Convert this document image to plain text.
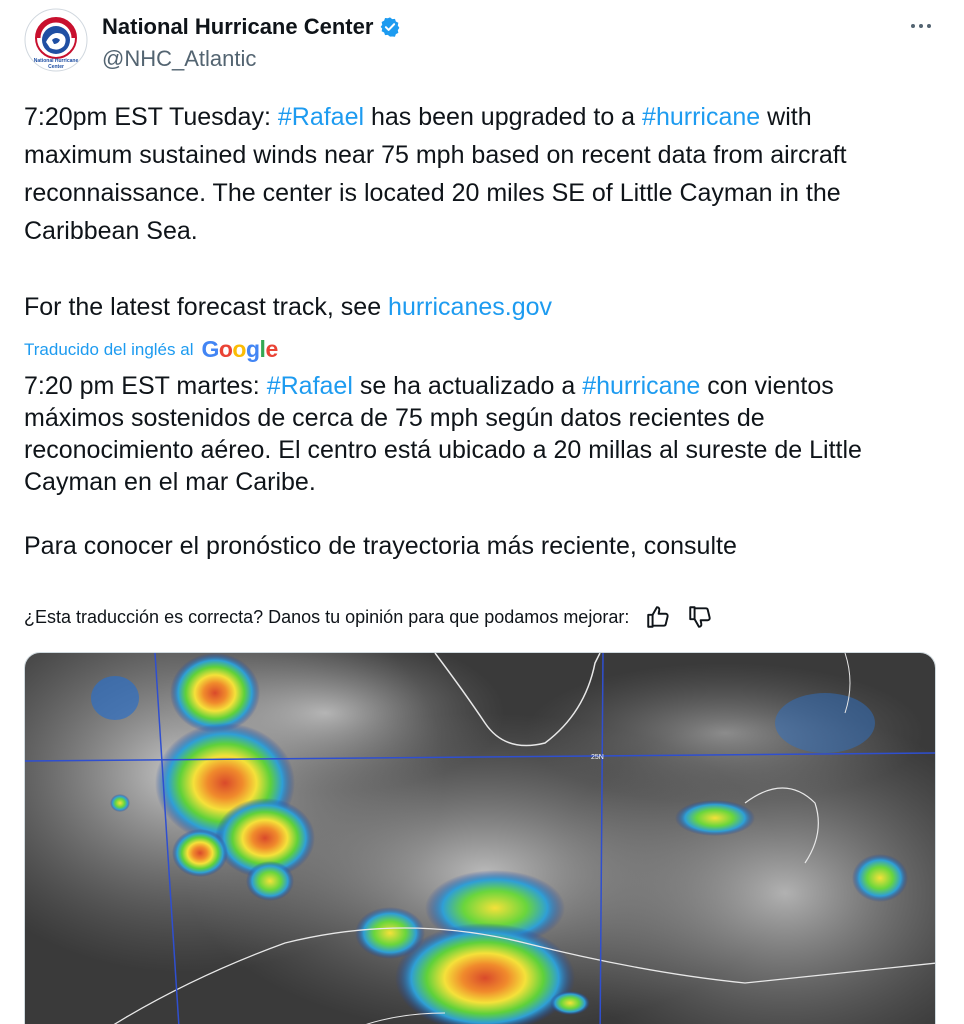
National Hurricane
Center
National Hurricane Center
@NHC_Atlantic

7:20pm EST Tuesday: #Rafael has been upgraded to a #hurricane with maximum sustained winds near 75 mph based on recent data from aircraft reconnaissance. The center is located 20 miles SE of Little Cayman in the Caribbean Sea.

For the latest forecast track, see hurricanes.gov

Traducido del inglés al Google

7:20 pm EST martes: #Rafael se ha actualizado a #hurricane con vientos máximos sostenidos de cerca de 75 mph según datos recientes de reconocimiento aéreo. El centro está ubicado a 20 millas al sureste de Little Cayman en el mar Caribe.

Para conocer el pronóstico de trayectoria más reciente, consulte

¿Esta traducción es correcta? Danos tu opinión para que podamos mejorar:
25N
